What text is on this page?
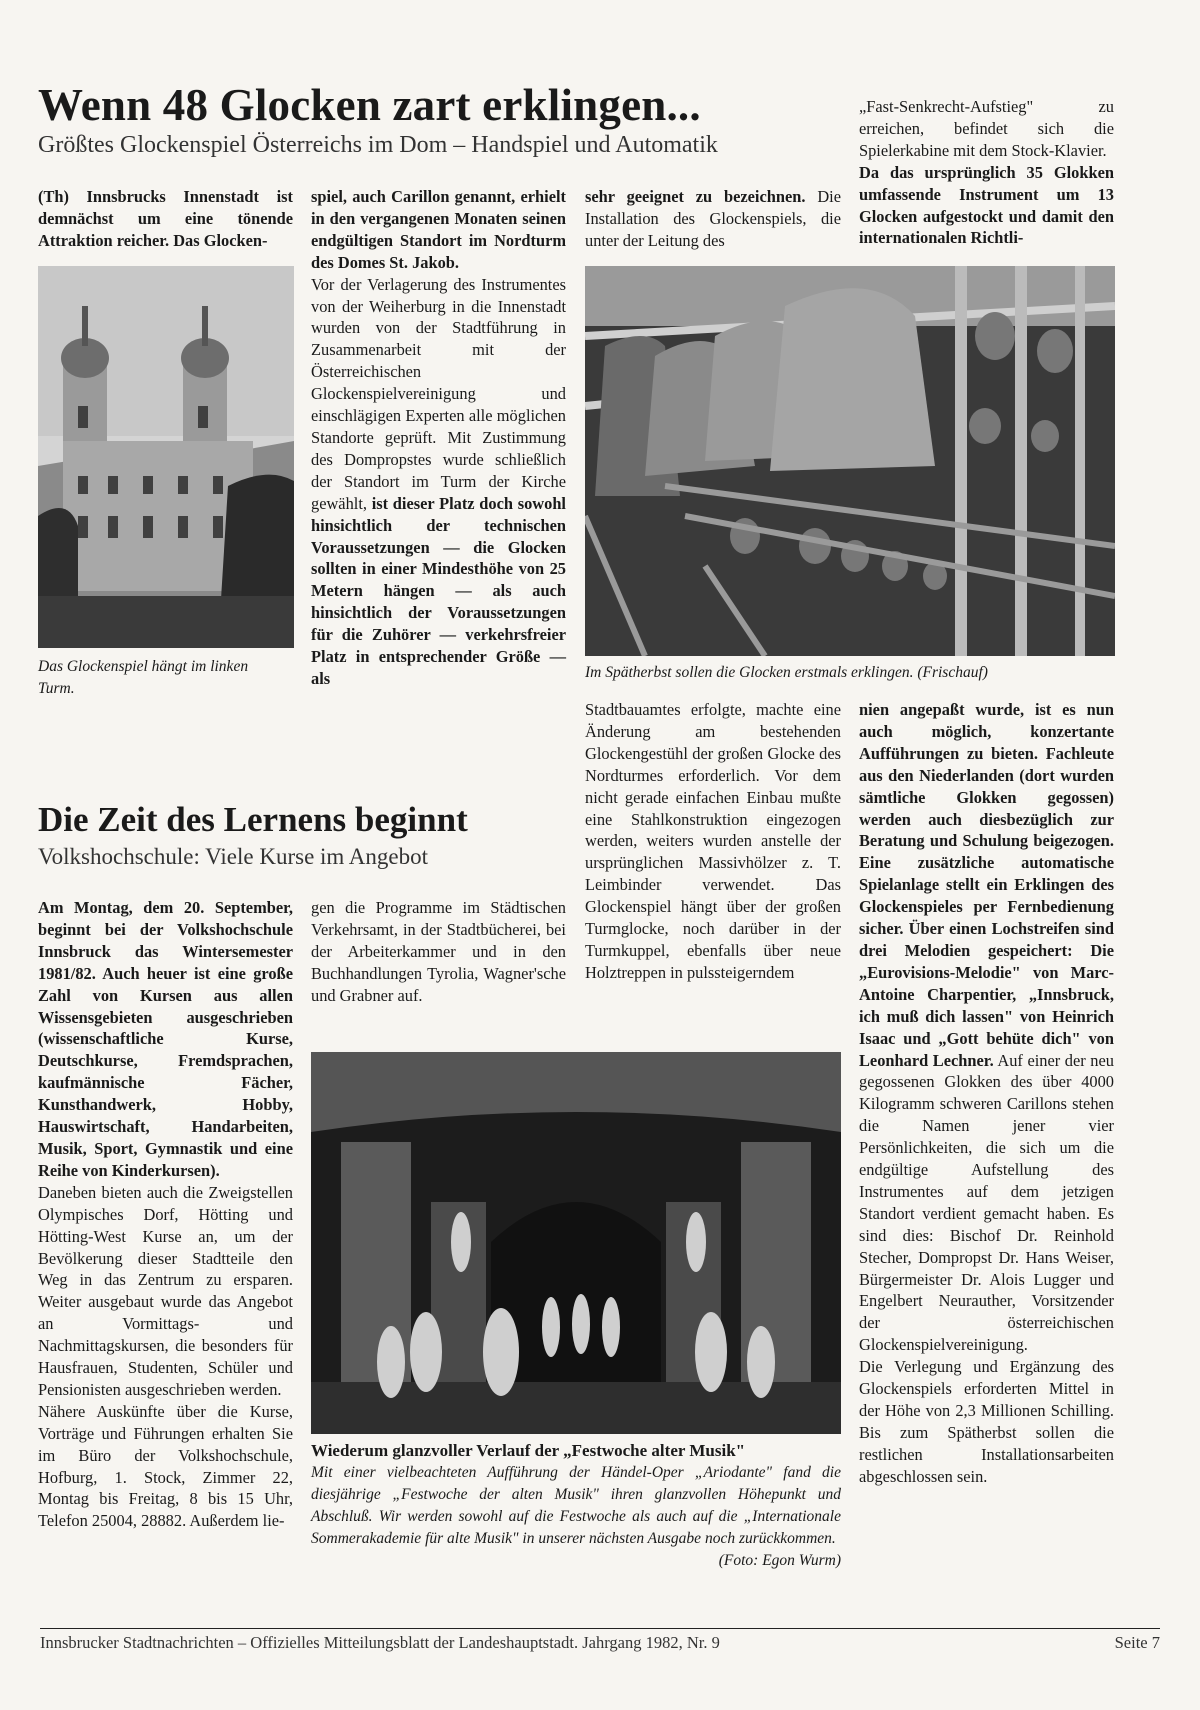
Wenn 48 Glocken zart erklingen...
Größtes Glockenspiel Österreichs im Dom – Handspiel und Automatik
(Th) Innsbrucks Innenstadt ist demnächst um eine tönende Attraktion reicher. Das Glocken-
Das Glockenspiel hängt im linken Turm.

spiel, auch Carillon genannt, erhielt in den vergangenen Monaten seinen endgültigen Standort im Nordturm des Domes St. Jakob.

Vor der Verlagerung des Instrumentes von der Weiherburg in die Innenstadt wurden von der Stadtführung in Zusammenarbeit mit der Österreichischen Glockenspielvereinigung und einschlägigen Experten alle möglichen Standorte geprüft. Mit Zustimmung des Dompropstes wurde schließlich der Standort im Turm der Kirche gewählt, ist dieser Platz doch sowohl hinsichtlich der technischen Voraussetzungen — die Glocken sollten in einer Mindesthöhe von 25 Metern hängen — als auch hinsichtlich der Voraussetzungen für die Zuhörer — verkehrsfreier Platz in entsprechender Größe — als

sehr geeignet zu bezeichnen. Die Installation des Glockenspiels, die unter der Leitung des

„Fast-Senkrecht-Aufstieg" zu erreichen, befindet sich die Spielerkabine mit dem Stock-Klavier.

Da das ursprünglich 35 Glokken umfassende Instrument um 13 Glocken aufgestockt und damit den internationalen Richtli-

Im Spätherbst sollen die Glocken erstmals erklingen. (Frischauf)
Stadtbauamtes erfolgte, machte eine Änderung am bestehenden Glockengestühl der großen Glocke des Nordturmes erforderlich. Vor dem nicht gerade einfachen Einbau mußte eine Stahlkonstruktion eingezogen werden, weiters wurden anstelle der ursprünglichen Massivhölzer z. T. Leimbinder verwendet. Das Glockenspiel hängt über der großen Turmglocke, noch darüber in der Turmkuppel, ebenfalls über neue Holztreppen in pulssteigerndem

nien angepaßt wurde, ist es nun auch möglich, konzertante Aufführungen zu bieten. Fachleute aus den Niederlanden (dort wurden sämtliche Glokken gegossen) werden auch diesbezüglich zur Beratung und Schulung beigezogen. Eine zusätzliche automatische Spielanlage stellt ein Erklingen des Glockenspieles per Fernbedienung sicher. Über einen Lochstreifen sind drei Melodien gespeichert: Die „Eurovisions-Melodie" von Marc-Antoine Charpentier, „Innsbruck, ich muß dich lassen" von Heinrich Isaac und „Gott behüte dich" von Leonhard Lechner. Auf einer der neu gegossenen Glokken des über 4000 Kilogramm schweren Carillons stehen die Namen jener vier Persönlichkeiten, die sich um die endgültige Aufstellung des Instrumentes auf dem jetzigen Standort verdient gemacht haben. Es sind dies: Bischof Dr. Reinhold Stecher, Dompropst Dr. Hans Weiser, Bürgermeister Dr. Alois Lugger und Engelbert Neurauther, Vorsitzender der österreichischen Glockenspielvereinigung.

Die Verlegung und Ergänzung des Glockenspiels erforderten Mittel in der Höhe von 2,3 Millionen Schilling. Bis zum Spätherbst sollen die restlichen Installationsarbeiten abgeschlossen sein.

Die Zeit des Lernens beginnt
Volkshochschule: Viele Kurse im Angebot

Am Montag, dem 20. September, beginnt bei der Volkshochschule Innsbruck das Wintersemester 1981/82. Auch heuer ist eine große Zahl von Kursen aus allen Wissensgebieten ausgeschrieben (wissenschaftliche Kurse, Deutschkurse, Fremdsprachen, kaufmännische Fächer, Kunsthandwerk, Hobby, Hauswirtschaft, Handarbeiten, Musik, Sport, Gymnastik und eine Reihe von Kinderkursen).

Daneben bieten auch die Zweigstellen Olympisches Dorf, Hötting und Hötting-West Kurse an, um der Bevölkerung dieser Stadtteile den Weg in das Zentrum zu ersparen. Weiter ausgebaut wurde das Angebot an Vormittags- und Nachmittagskursen, die besonders für Hausfrauen, Studenten, Schüler und Pensionisten ausgeschrieben werden.

Nähere Auskünfte über die Kurse, Vorträge und Führungen erhalten Sie im Büro der Volkshochschule, Hofburg, 1. Stock, Zimmer 22, Montag bis Freitag, 8 bis 15 Uhr, Telefon 25004, 28882. Außerdem lie-

gen die Programme im Städtischen Verkehrsamt, in der Stadtbücherei, bei der Arbeiterkammer und in den Buchhandlungen Tyrolia, Wagner'sche und Grabner auf.
Wiederum glanzvoller Verlauf der „Festwoche alter Musik"
Mit einer vielbeachteten Aufführung der Händel-Oper „Ariodante" fand die diesjährige „Festwoche der alten Musik" ihren glanzvollen Höhepunkt und Abschluß. Wir werden sowohl auf die Festwoche als auch auf die „Internationale Sommerakademie für alte Musik" in unserer nächsten Ausgabe noch zurückkommen.
(Foto: Egon Wurm)
Innsbrucker Stadtnachrichten – Offizielles Mitteilungsblatt der Landeshauptstadt. Jahrgang 1982, Nr. 9	Seite 7
